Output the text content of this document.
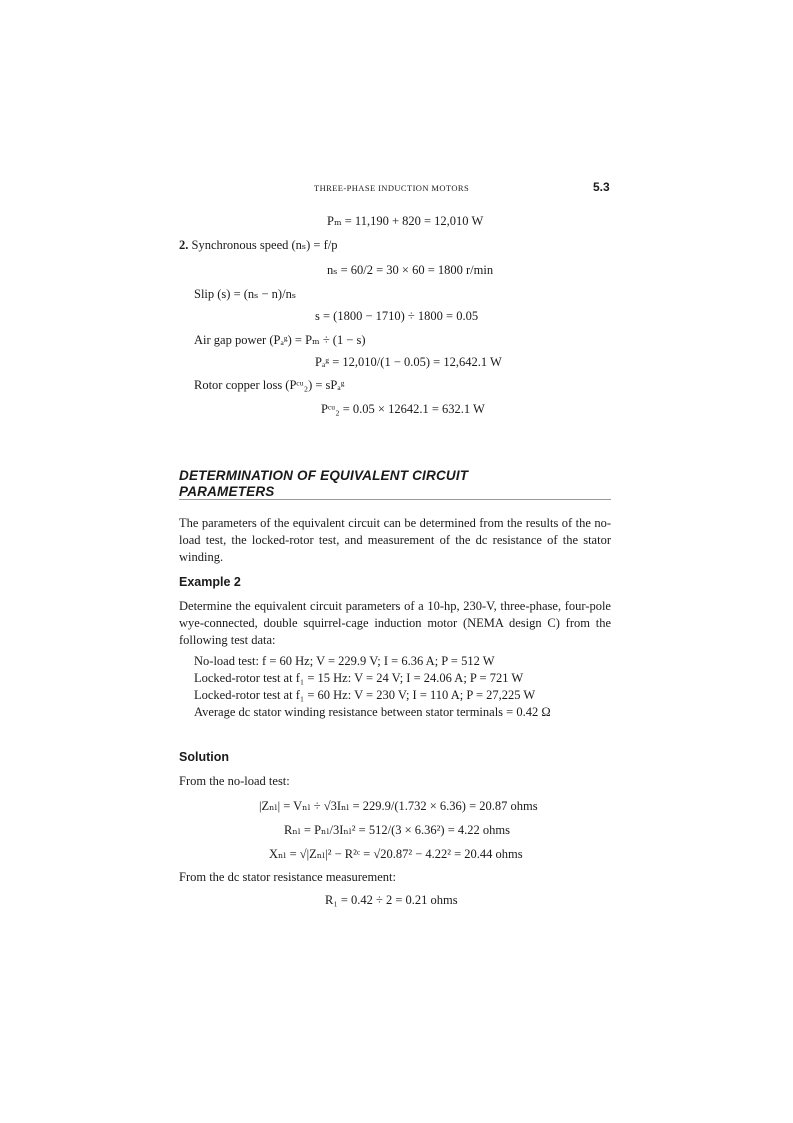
THREE-PHASE INDUCTION MOTORS	5.3
Pₘ = 11,190 + 820 = 12,010 W
2. Synchronous speed (nₛ) = f/p
nₛ = 60/2 = 30 × 60 = 1800 r/min
Slip (s) = (nₛ − n)/nₛ
s = (1800 − 1710) ÷ 1800 = 0.05
Air gap power (Pₐᵍ) = Pₘ ÷ (1 − s)
Pₐᵍ = 12,010/(1 − 0.05) = 12,642.1 W
Rotor copper loss (Pᶜᵘ₂) = sPₐᵍ
Pᶜᵘ₂ = 0.05 × 12642.1 = 632.1 W
DETERMINATION OF EQUIVALENT CIRCUIT
PARAMETERS
The parameters of the equivalent circuit can be determined from the results of the no-load test, the locked-rotor test, and measurement of the dc resistance of the stator winding.
Example 2
Determine the equivalent circuit parameters of a 10-hp, 230-V, three-phase, four-pole wye-connected, double squirrel-cage induction motor (NEMA design C) from the following test data:
No-load test: f = 60 Hz; V = 229.9 V; I = 6.36 A; P = 512 W
Locked-rotor test at f₁ = 15 Hz: V = 24 V; I = 24.06 A; P = 721 W
Locked-rotor test at f₁ = 60 Hz: V = 230 V; I = 110 A; P = 27,225 W
Average dc stator winding resistance between stator terminals = 0.42 Ω
Solution
From the no-load test:
|Zₙₗ| = Vₙₗ ÷ √3Iₙₗ = 229.9/(1.732 × 6.36) = 20.87 ohms
Rₙₗ = Pₙₗ/3Iₙₗ² = 512/(3 × 6.36²) = 4.22 ohms
Xₙₗ = √|Zₙₗ|² − R²ᶜ = √20.87² − 4.22² = 20.44 ohms
From the dc stator resistance measurement:
R₁ = 0.42 ÷ 2 = 0.21 ohms
